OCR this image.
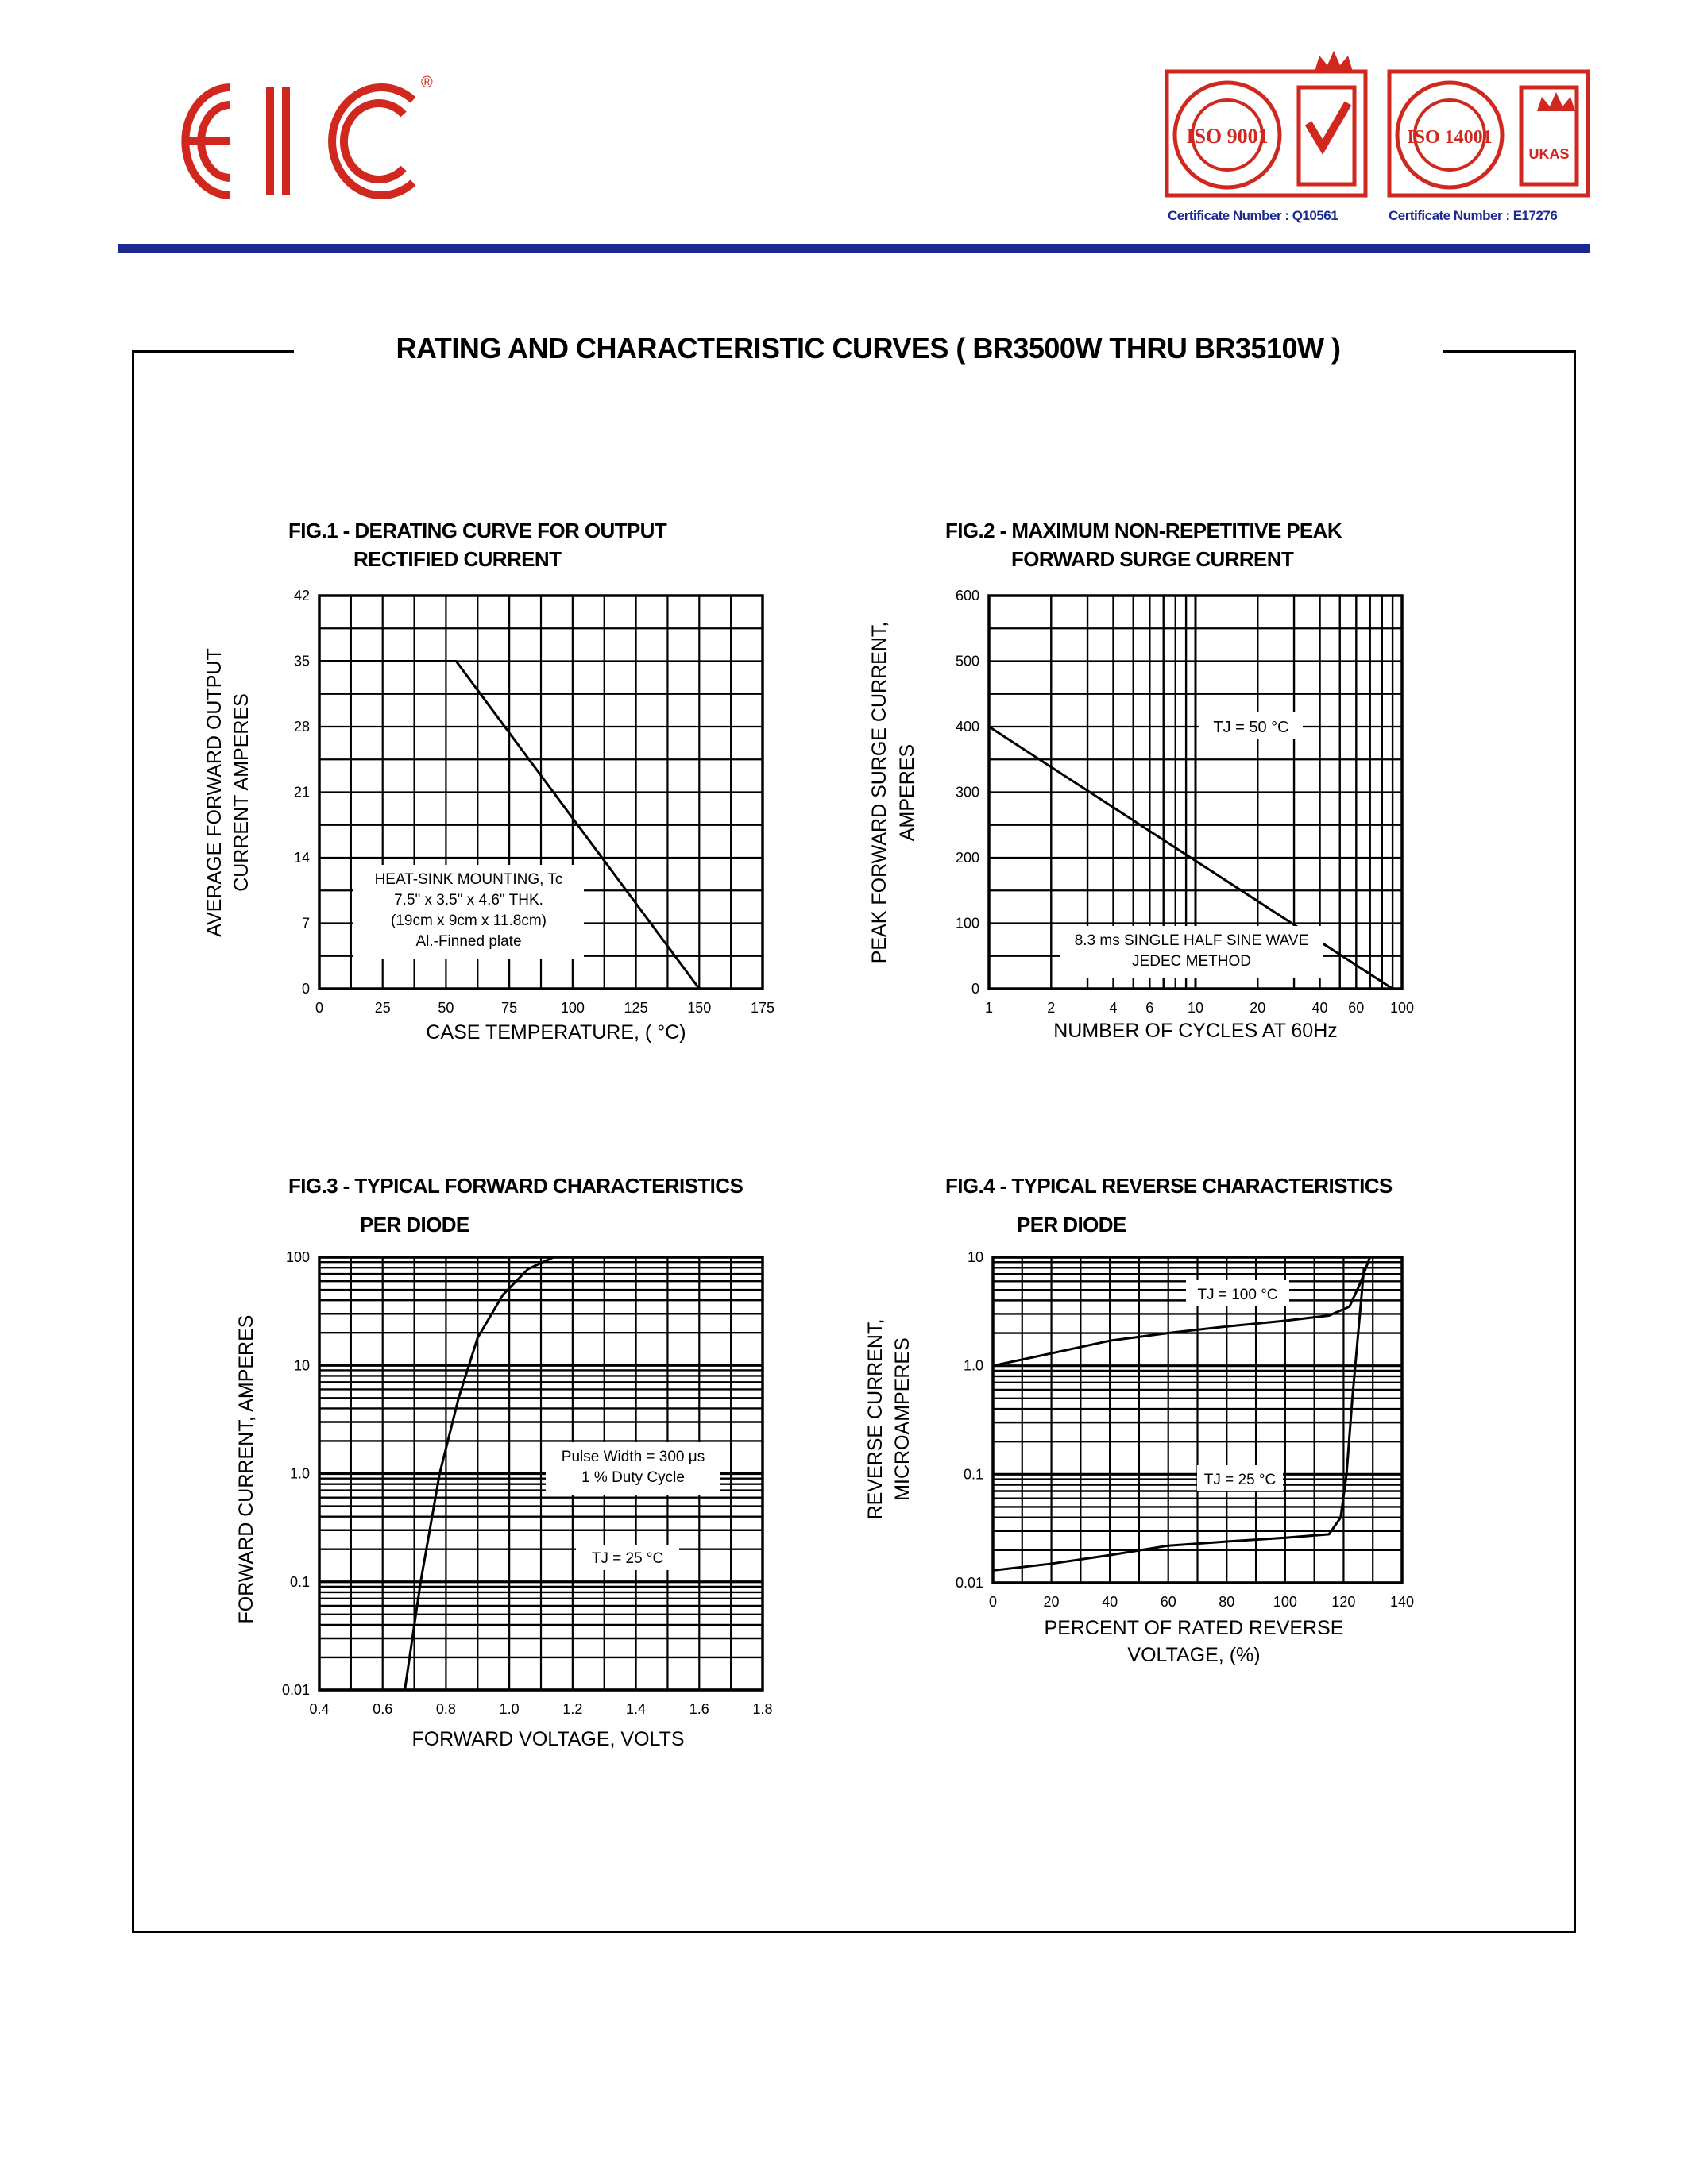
®
ISO 9001	ISO 14001
UKAS
Certificate Number : Q10561	Certificate Number : E17276
RATING AND CHARACTERISTIC CURVES ( BR3500W THRU BR3510W )
FIG.1 - DERATING CURVE FOR OUTPUT
RECTIFIED CURRENT
FIG.2 - MAXIMUM NON-REPETITIVE PEAK
FORWARD SURGE CURRENT
FIG.3 - TYPICAL FORWARD CHARACTERISTICS
PER DIODE
FIG.4 - TYPICAL REVERSE CHARACTERISTICS
PER DIODE
0	25	50	75	100	125	150	175
0
7
14
21
28
35
42
HEAT-SINK MOUNTING, Tc
7.5" x 3.5" x 4.6" THK.
(19cm x 9cm x 11.8cm)
Al.-Finned plate
CASE TEMPERATURE, ( °C)
AVERAGE FORWARD OUTPUT CURRENT AMPERES
1	2	4 6 10	20	40 60 100
0
100
200
300
400
500
600
TJ = 50 °C
8.3 ms SINGLE HALF SINE WAVE
JEDEC METHOD
NUMBER OF CYCLES AT 60Hz
PEAK FORWARD SURGE CURRENT, AMPERES
0.4	0.6	0.8	1.0	1.2	1.4	1.6	1.8
0.01
0.1
1.0
10
100
Pulse Width = 300 μs
1 % Duty Cycle
TJ = 25 °C
FORWARD VOLTAGE, VOLTS
FORWARD CURRENT, AMPERES	0	20	40	60	80	100 120 140
0.01
0.1
1.0
10
TJ = 100 °C
TJ = 25 °C
PERCENT OF RATED REVERSE
VOLTAGE, (%)
REVERSE CURRENT, MICROAMPERES
